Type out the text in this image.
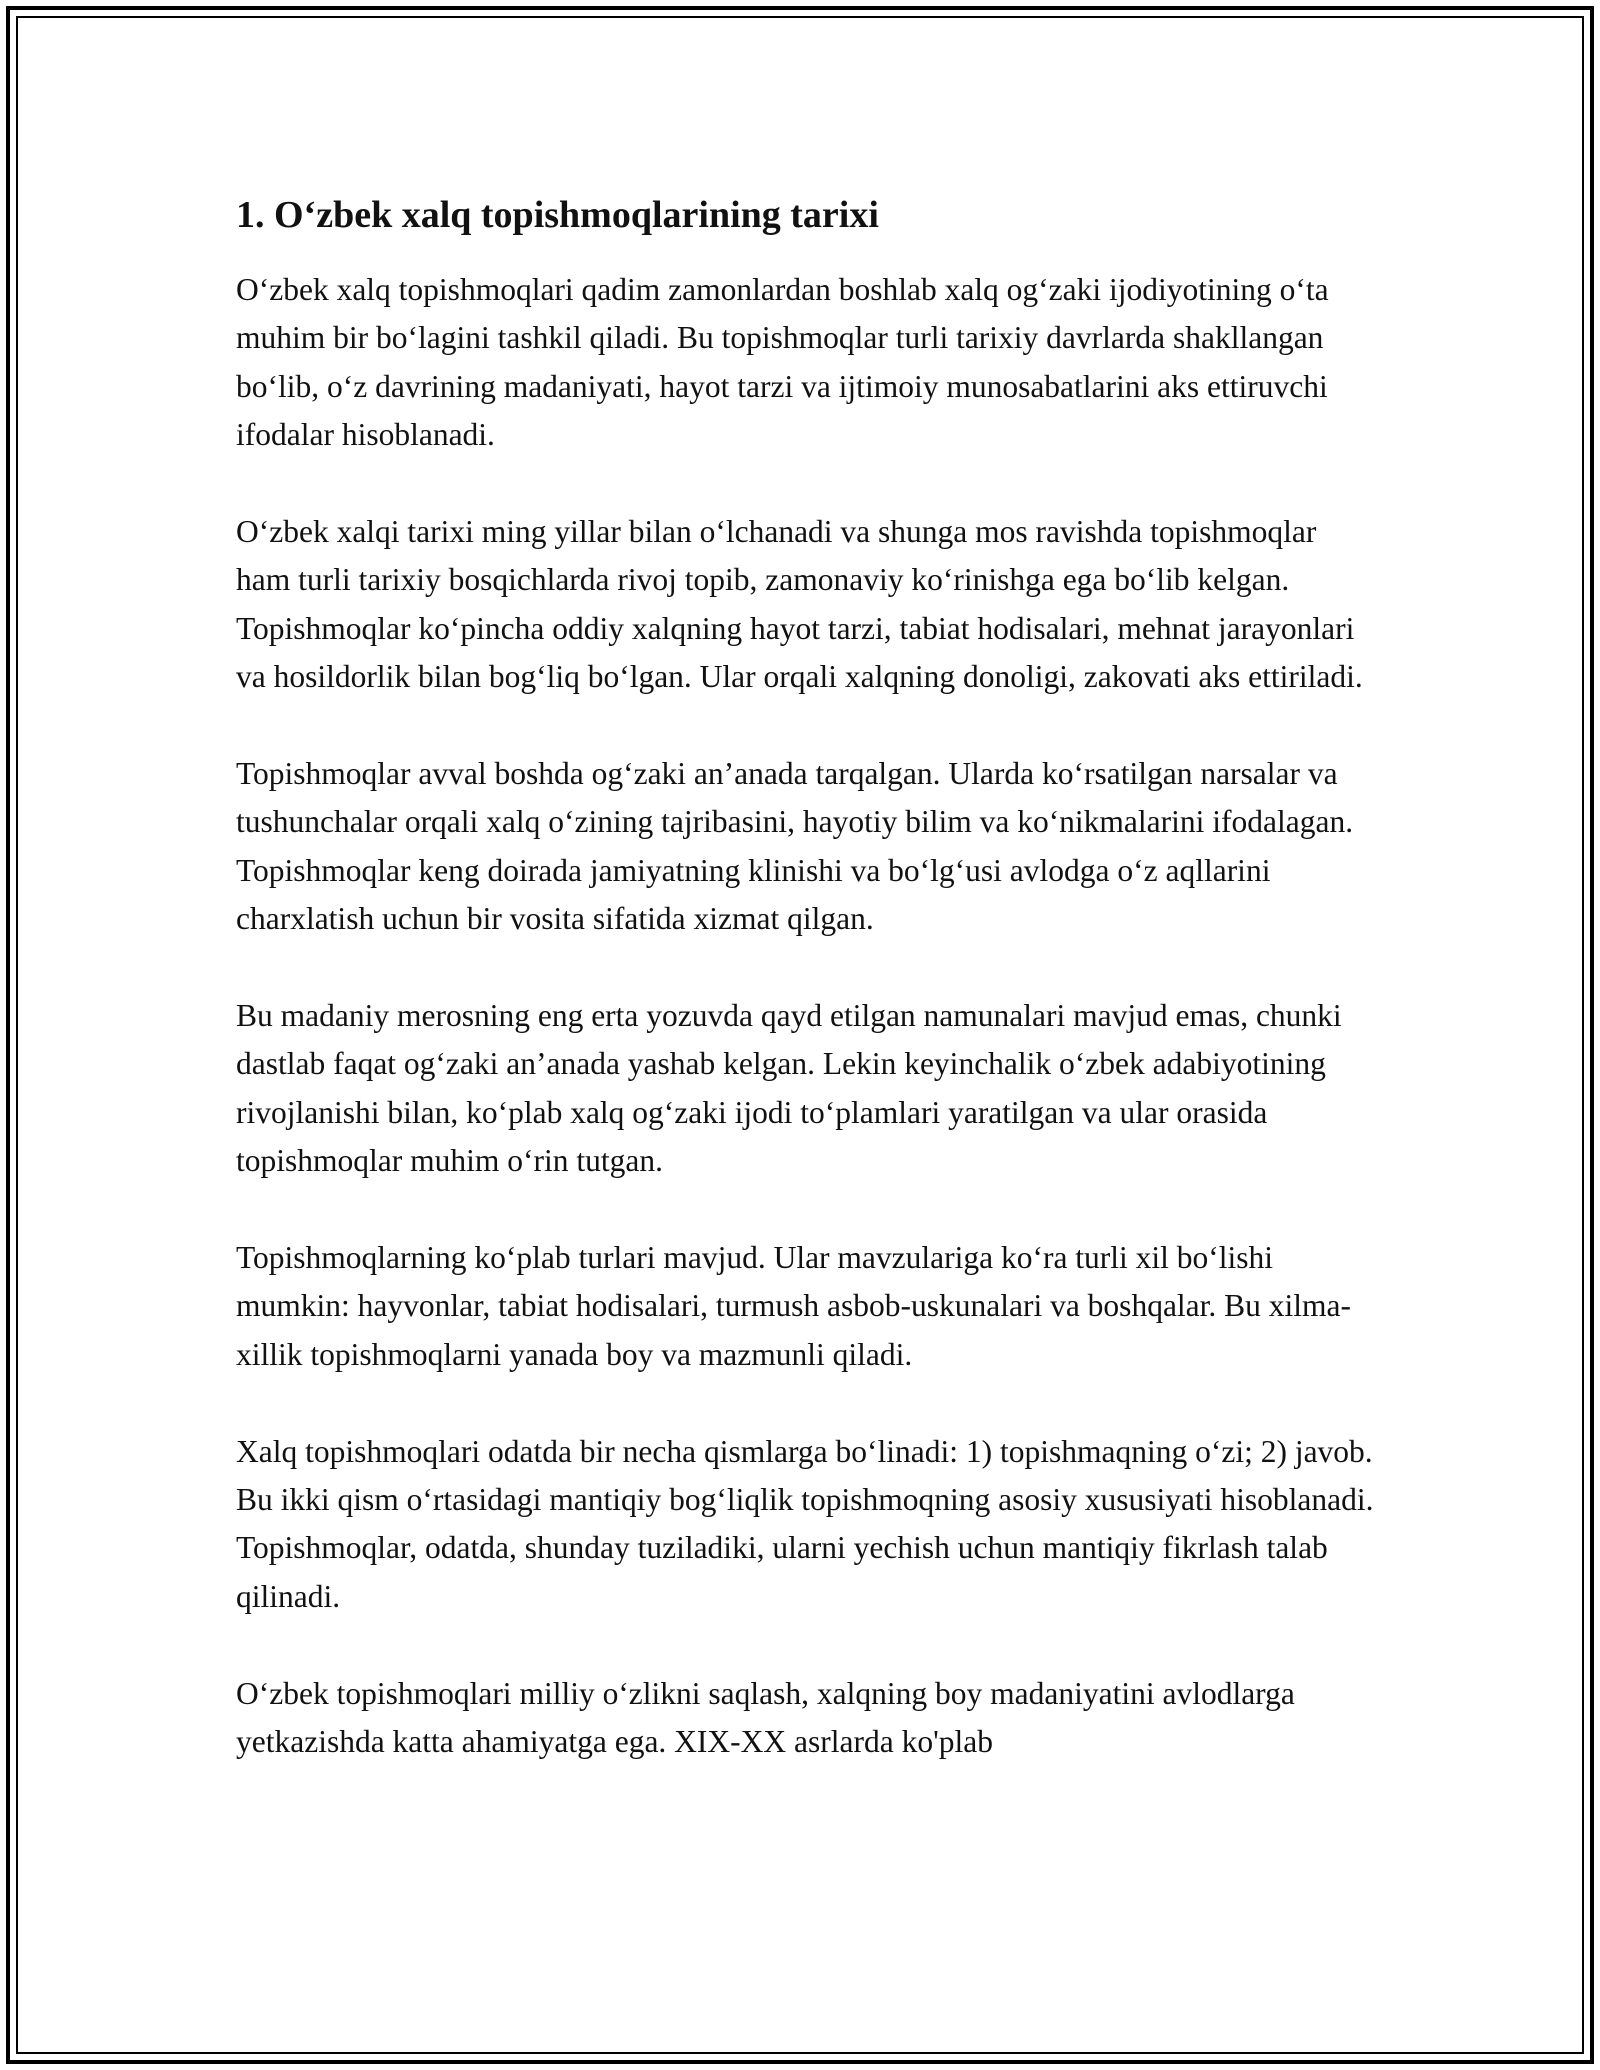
1. O‘zbek xalq topishmoqlarining tarixi

O‘zbek xalq topishmoqlari qadim zamonlardan boshlab xalq og‘zaki ijodiyotining o‘ta muhim bir bo‘lagini tashkil qiladi. Bu topishmoqlar turli tarixiy davrlarda shakllangan bo‘lib, o‘z davrining madaniyati, hayot tarzi va ijtimoiy munosabatlarini aks ettiruvchi ifodalar hisoblanadi.

O‘zbek xalqi tarixi ming yillar bilan o‘lchanadi va shunga mos ravishda topishmoqlar ham turli tarixiy bosqichlarda rivoj topib, zamonaviy ko‘rinishga ega bo‘lib kelgan. Topishmoqlar ko‘pincha oddiy xalqning hayot tarzi, tabiat hodisalari, mehnat jarayonlari va hosildorlik bilan bog‘liq bo‘lgan. Ular orqali xalqning donoligi, zakovati aks ettiriladi.

Topishmoqlar avval boshda og‘zaki an’anada tarqalgan. Ularda ko‘rsatilgan narsalar va tushunchalar orqali xalq o‘zining tajribasini, hayotiy bilim va ko‘nikmalarini ifodalagan. Topishmoqlar keng doirada jamiyatning klinishi va bo‘lg‘usi avlodga o‘z aqllarini charxlatish uchun bir vosita sifatida xizmat qilgan.

Bu madaniy merosning eng erta yozuvda qayd etilgan namunalari mavjud emas, chunki dastlab faqat og‘zaki an’anada yashab kelgan. Lekin keyinchalik o‘zbek adabiyotining rivojlanishi bilan, ko‘plab xalq og‘zaki ijodi to‘plamlari yaratilgan va ular orasida topishmoqlar muhim o‘rin tutgan.

Topishmoqlarning ko‘plab turlari mavjud. Ular mavzulariga ko‘ra turli xil bo‘lishi mumkin: hayvonlar, tabiat hodisalari, turmush asbob-uskunalari va boshqalar. Bu xilma-xillik topishmoqlarni yanada boy va mazmunli qiladi.

Xalq topishmoqlari odatda bir necha qismlarga bo‘linadi: 1) topishmaqning o‘zi; 2) javob. Bu ikki qism o‘rtasidagi mantiqiy bog‘liqlik topishmoqning asosiy xususiyati hisoblanadi. Topishmoqlar, odatda, shunday tuziladiki, ularni yechish uchun mantiqiy fikrlash talab qilinadi.

O‘zbek topishmoqlari milliy o‘zlikni saqlash, xalqning boy madaniyatini avlodlarga yetkazishda katta ahamiyatga ega. XIX-XX asrlarda ko'plab
